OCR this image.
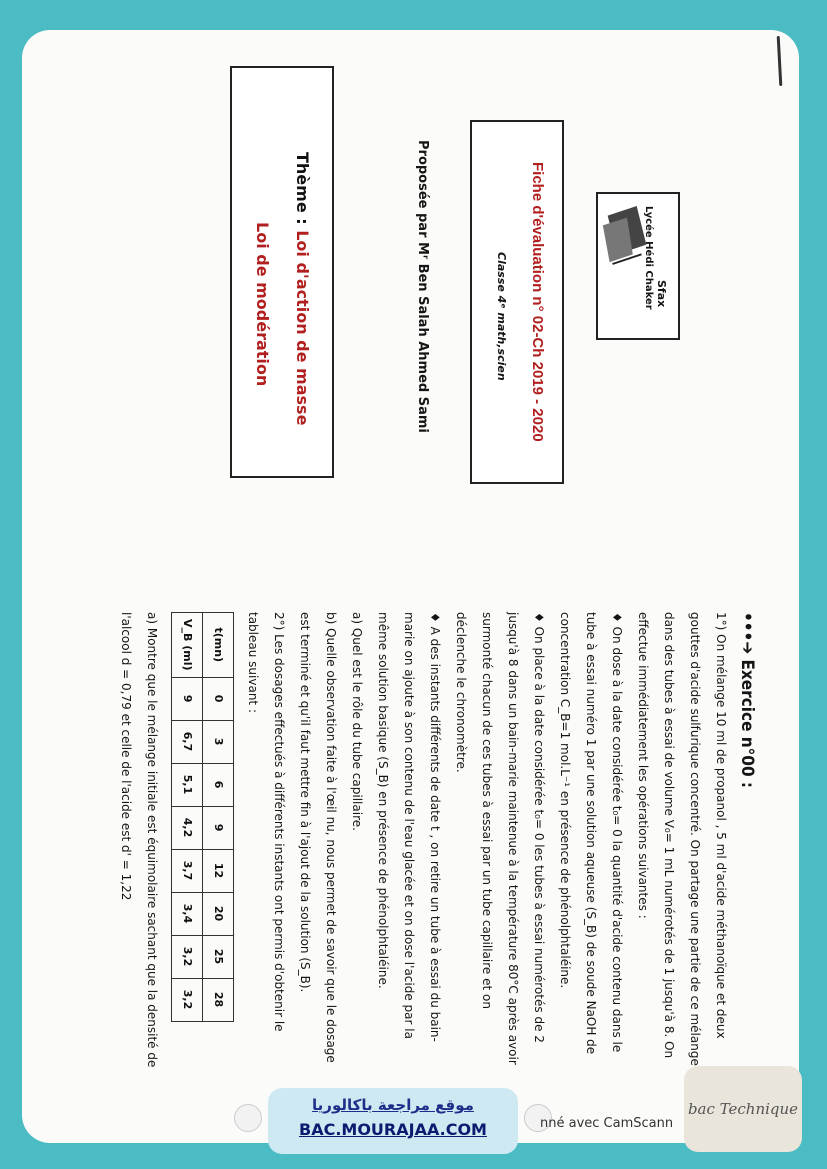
Sfax
Lycée Hédi Chaker
Fiche d'évaluation n° 02-Ch 2019 - 2020
Classe 4ᵉ math,scien
Proposée par Mʳ Ben Salah Ahmed Sami
Thème : Loi d'action de masse
Loi de modération
•••➔ Exercice n°00 :
1°) On mélange 10 ml de propanol , 5 ml d'acide méthanoïque et deux gouttes d'acide sulfurique concentré. On partage une partie de ce mélange dans des tubes à essai de volume V₀= 1 mL numérotés de 1 jusqu'à 8. On effectue immédiatement les opérations suivantes :
♦ On dose à la date considérée t₀= 0 la quantité d'acide contenu dans le tube à essai numéro 1 par une solution aqueuse (S_B) de soude NaOH de concentration C_B=1 mol.L⁻¹ en présence de phénolphtaléine.
♦ On place à la date considérée t₀= 0 les tubes à essai numérotés de 2 jusqu'à 8 dans un bain-marie maintenue à la température 80°C après avoir surmonté chacun de ces tubes à essai par un tube capillaire et on déclenche le chronomètre.
♦ A des instants différents de date t , on retire un tube à essai du bain-marie on ajoute à son contenu de l'eau glacée et on dose l'acide par la même solution basique (S_B) en présence de phénolphtaléine.
a) Quel est le rôle du tube capillaire.
b) Quelle observation faite à l'œil nu, nous permet de savoir que le dosage est terminé et qu'il faut mettre fin à l'ajout de la solution (S_B).
2°) Les dosages effectués à différents instants ont permis d'obtenir le tableau suivant :
t(mn)	0	3	6	9	12	20	25	28
V_B (ml)	9	6,7	5,1	4,2	3,7	3,4	3,2	3,2
a) Montre que le mélange initiale est équimolaire sachant que la densité de l'alcool d = 0,79 et celle de l'acide est d' = 1,22
موقع مراجعة باكالوريا
BAC.MOURAJAA.COM	nné avec CamScann
bac Technique
